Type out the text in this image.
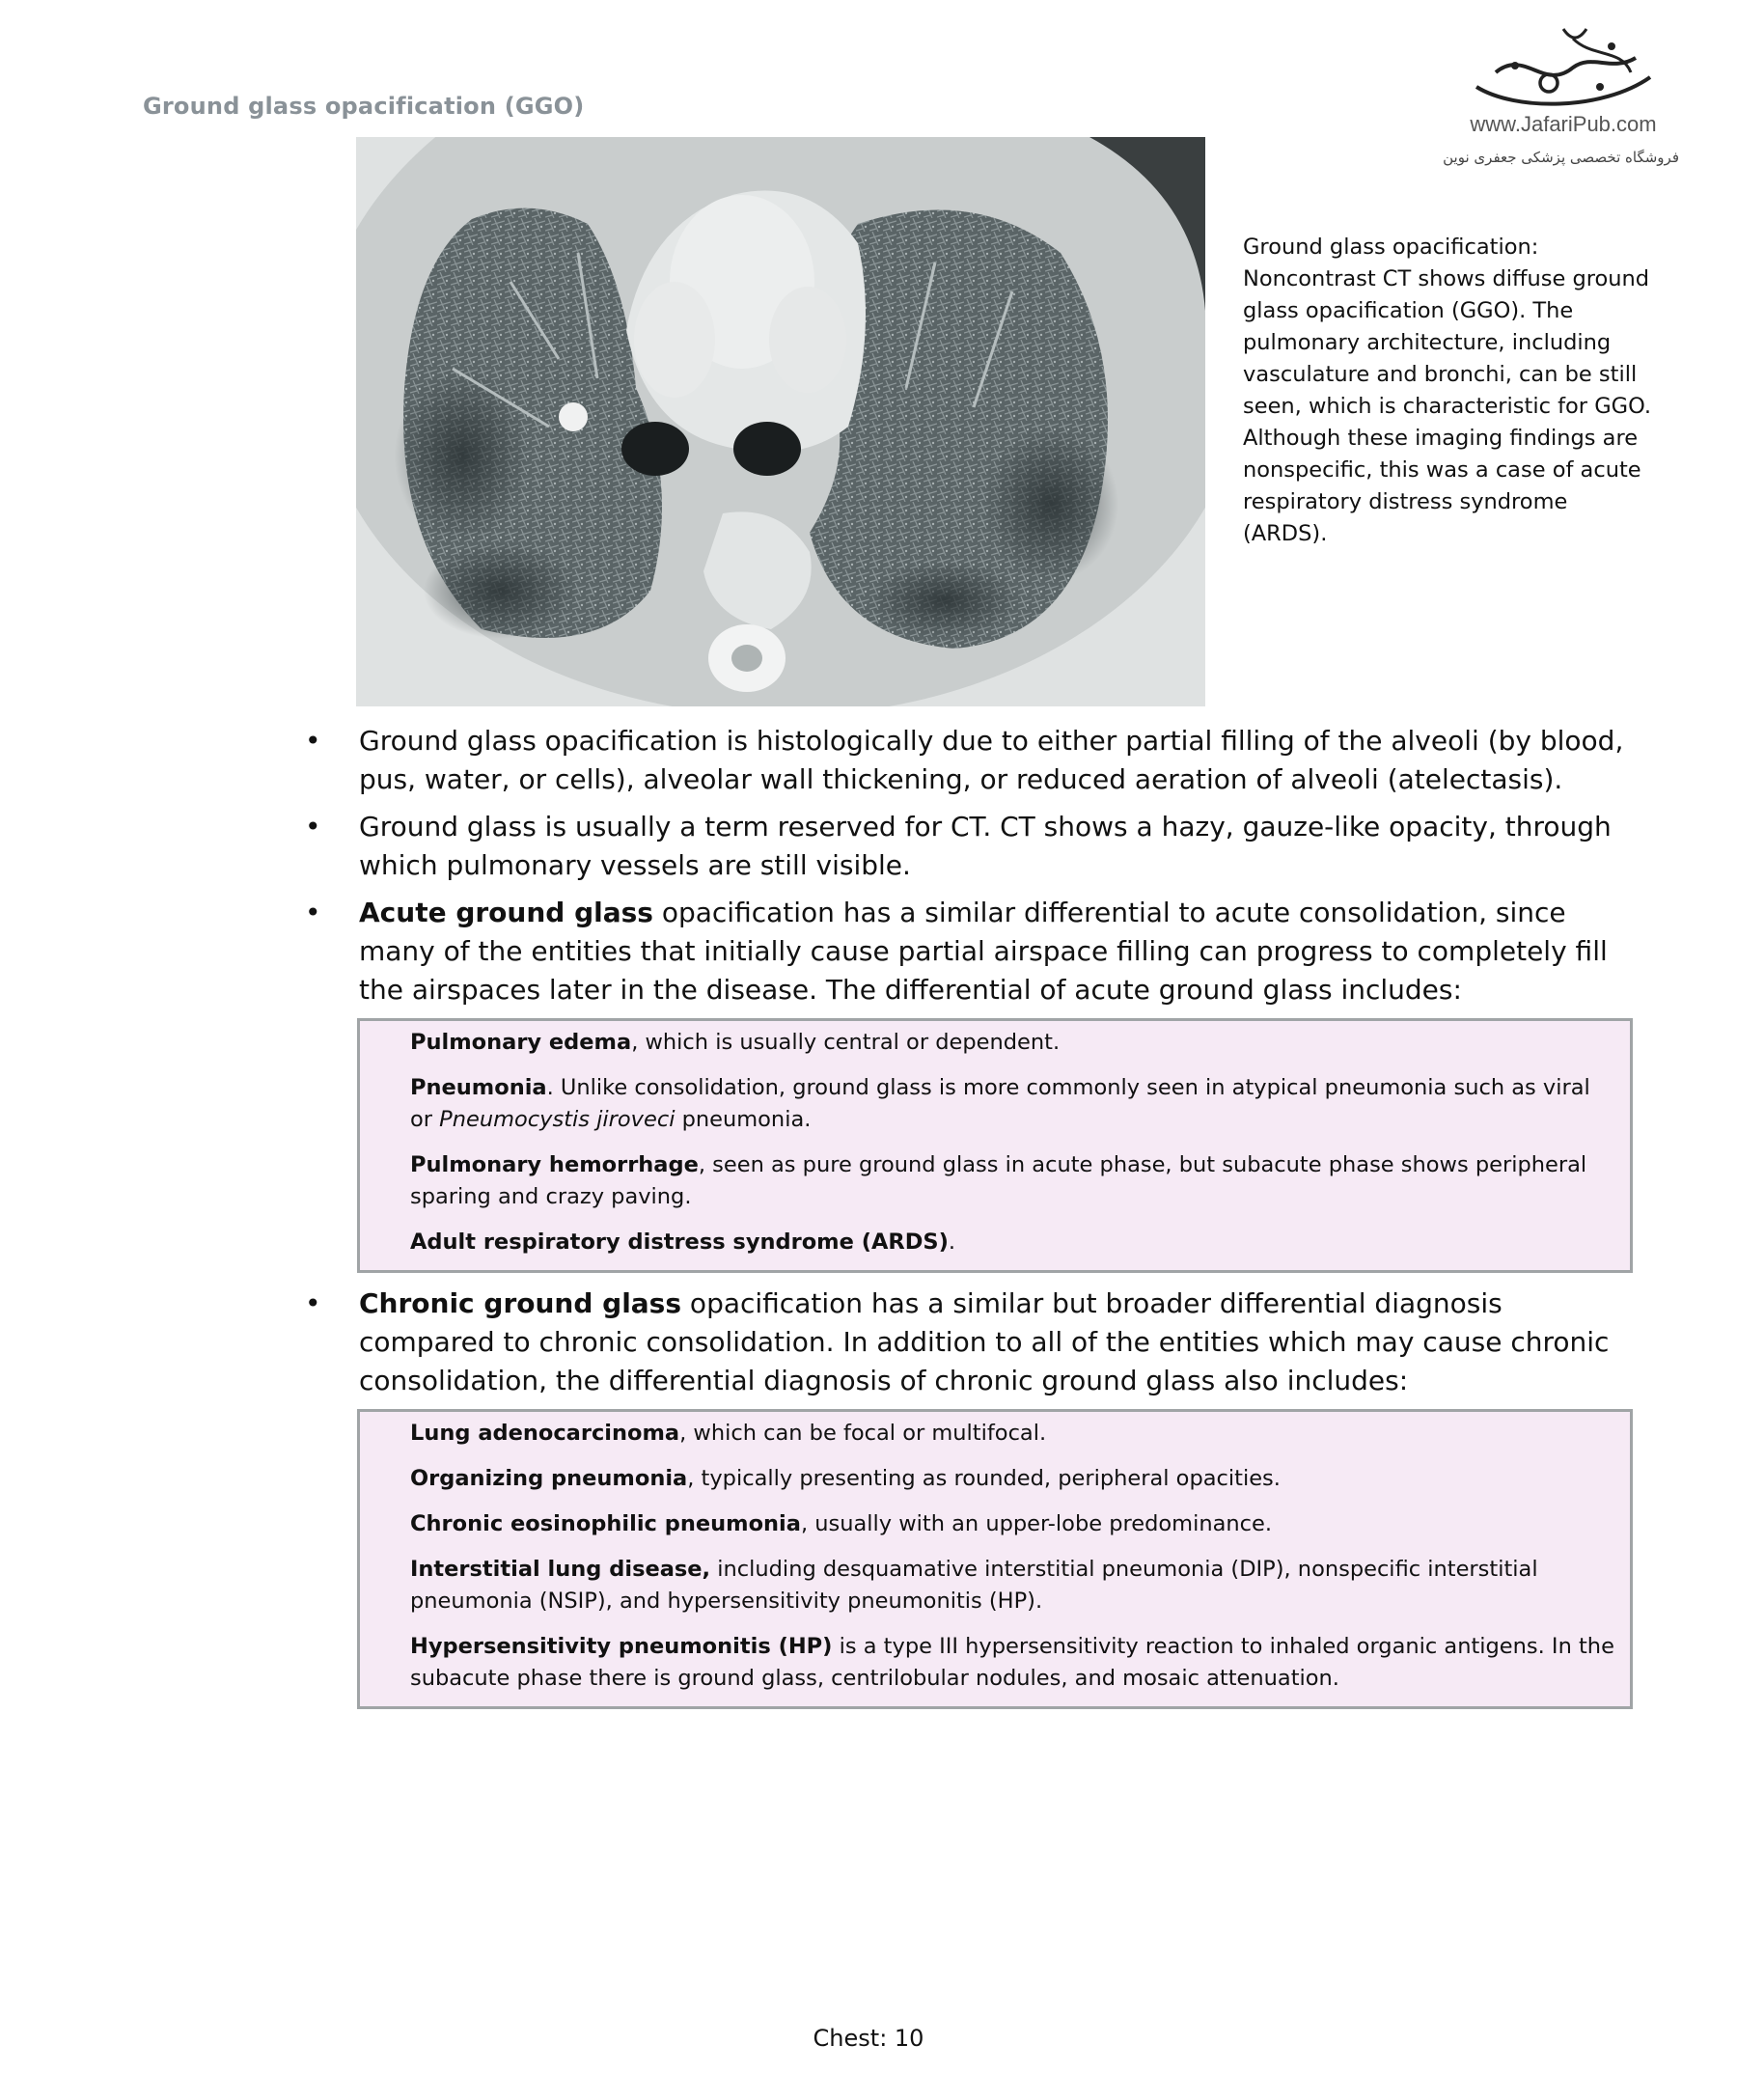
Ground glass opacification (GGO)
www.JafariPub.com
فروشگاه تخصصی پزشکی جعفری نوین
Ground glass opacification: Noncontrast CT shows diffuse ground glass opacification (GGO). The pulmonary architecture, including vasculature and bronchi, can be still seen, which is characteristic for GGO. Although these imaging findings are nonspecific, this was a case of acute respiratory distress syndrome (ARDS).
• Ground glass opacification is histologically due to either partial filling of the alveoli (by blood, pus, water, or cells), alveolar wall thickening, or reduced aeration of alveoli (atelectasis).
• Ground glass is usually a term reserved for CT. CT shows a hazy, gauze-like opacity, through which pulmonary vessels are still visible.
• Acute ground glass opacification has a similar differential to acute consolidation, since many of the entities that initially cause partial airspace filling can progress to completely fill the airspaces later in the disease. The differential of acute ground glass includes:
Pulmonary edema, which is usually central or dependent.
Pneumonia. Unlike consolidation, ground glass is more commonly seen in atypical pneumonia such as viral or Pneumocystis jiroveci pneumonia.
Pulmonary hemorrhage, seen as pure ground glass in acute phase, but subacute phase shows peripheral sparing and crazy paving.
Adult respiratory distress syndrome (ARDS).
• Chronic ground glass opacification has a similar but broader differential diagnosis compared to chronic consolidation. In addition to all of the entities which may cause chronic consolidation, the differential diagnosis of chronic ground glass also includes:
Lung adenocarcinoma, which can be focal or multifocal.
Organizing pneumonia, typically presenting as rounded, peripheral opacities.
Chronic eosinophilic pneumonia, usually with an upper-lobe predominance.
Interstitial lung disease, including desquamative interstitial pneumonia (DIP), nonspecific interstitial pneumonia (NSIP), and hypersensitivity pneumonitis (HP).
Hypersensitivity pneumonitis (HP) is a type III hypersensitivity reaction to inhaled organic antigens. In the subacute phase there is ground glass, centrilobular nodules, and mosaic attenuation.
Chest: 10
